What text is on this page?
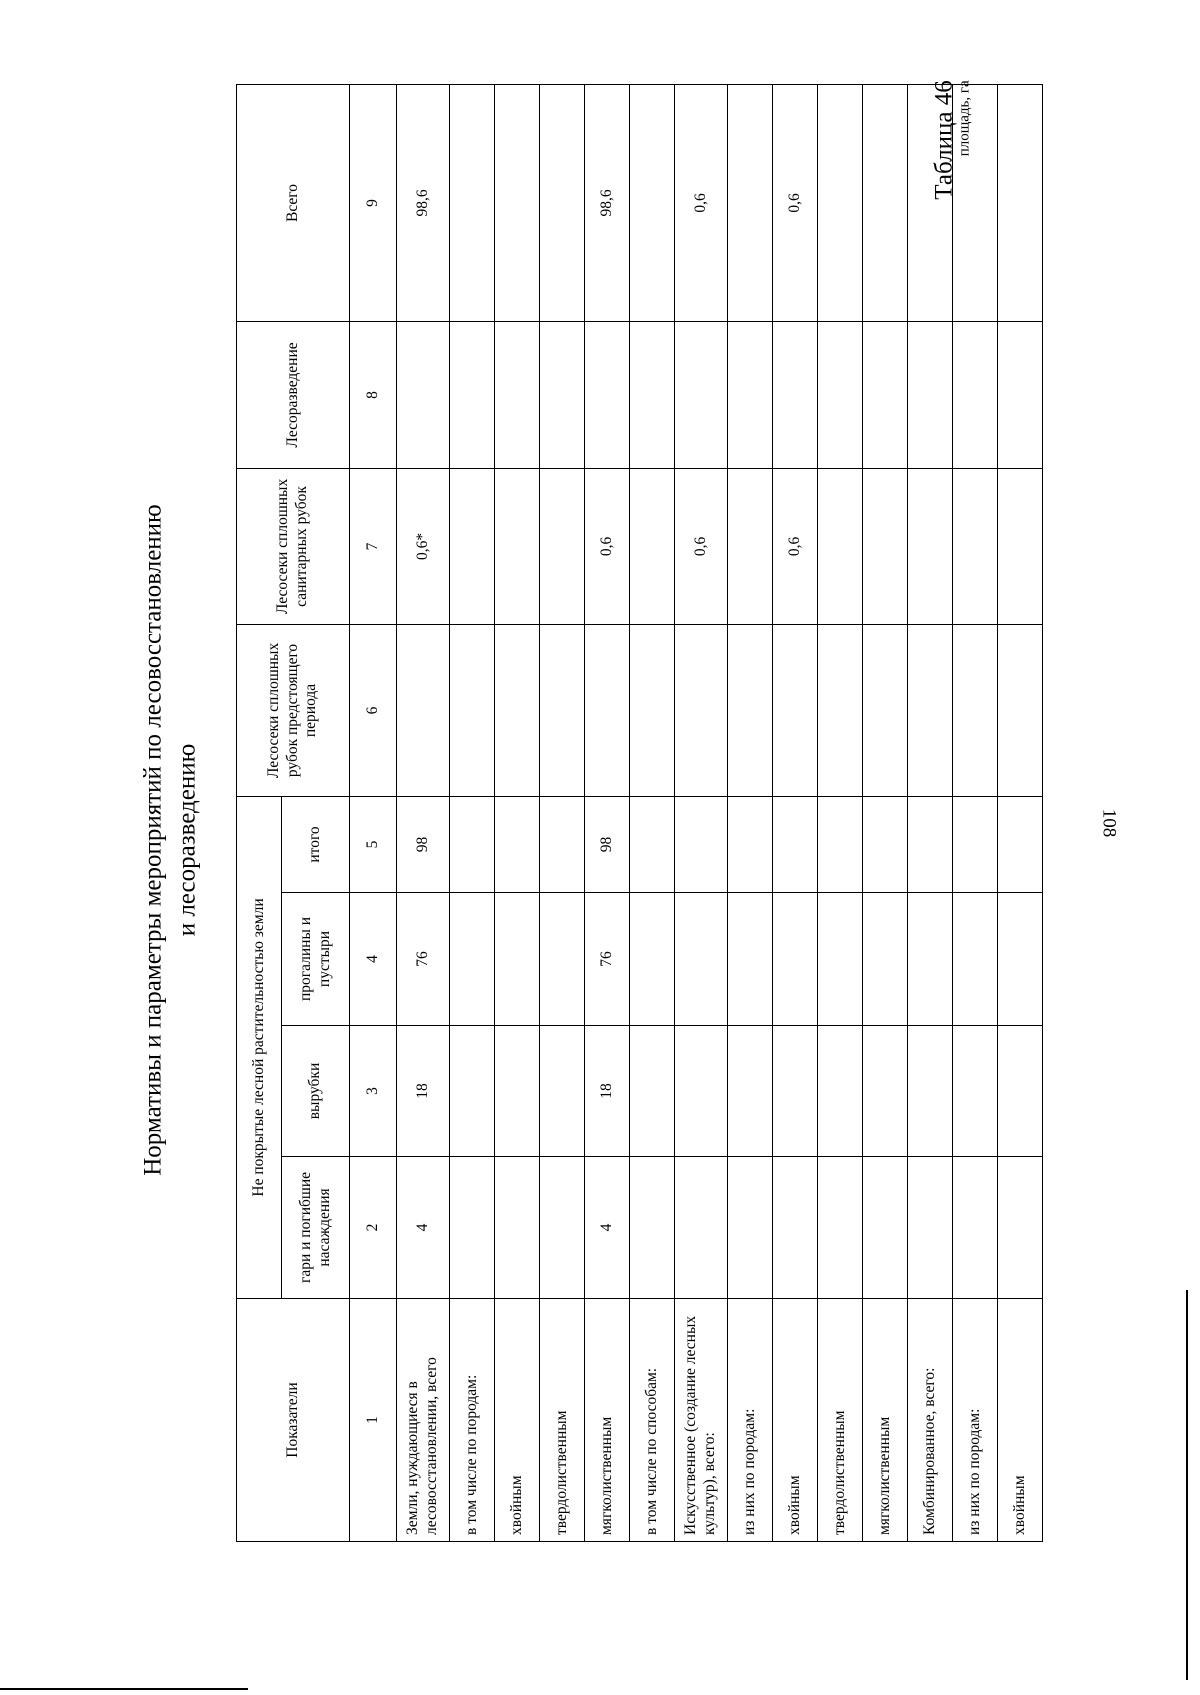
108
Нормативы и параметры мероприятий по лесовосстановлению и лесоразведению
Таблица 46 площадь, га
Показатели	Не покрытые лесной растительностью земли				Лесосеки сплошных рубок предстоящего периода	Лесосеки сплошных санитарных рубок	Лесоразведение	Всего
	гари и погибшие насаждения	вырубки	прогалины и пустыри	итого				
1	2	3	4	5	6	7	8	9
Земли, нуждающиеся в лесовосстановлении, всего	4	18	76	98		0,6*		98,6
в том числе по породам:								
хвойным								
твердолиственным								
мягколиственным	4	18	76	98		0,6		98,6
в том числе по способам:								
Искусственное (создание лесных культур), всего:						0,6		0,6
из них по породам:								
хвойным						0,6		0,6
твердолиственным								
мягколиственным								
Комбинированное, всего:								
из них по породам:								
хвойным								
